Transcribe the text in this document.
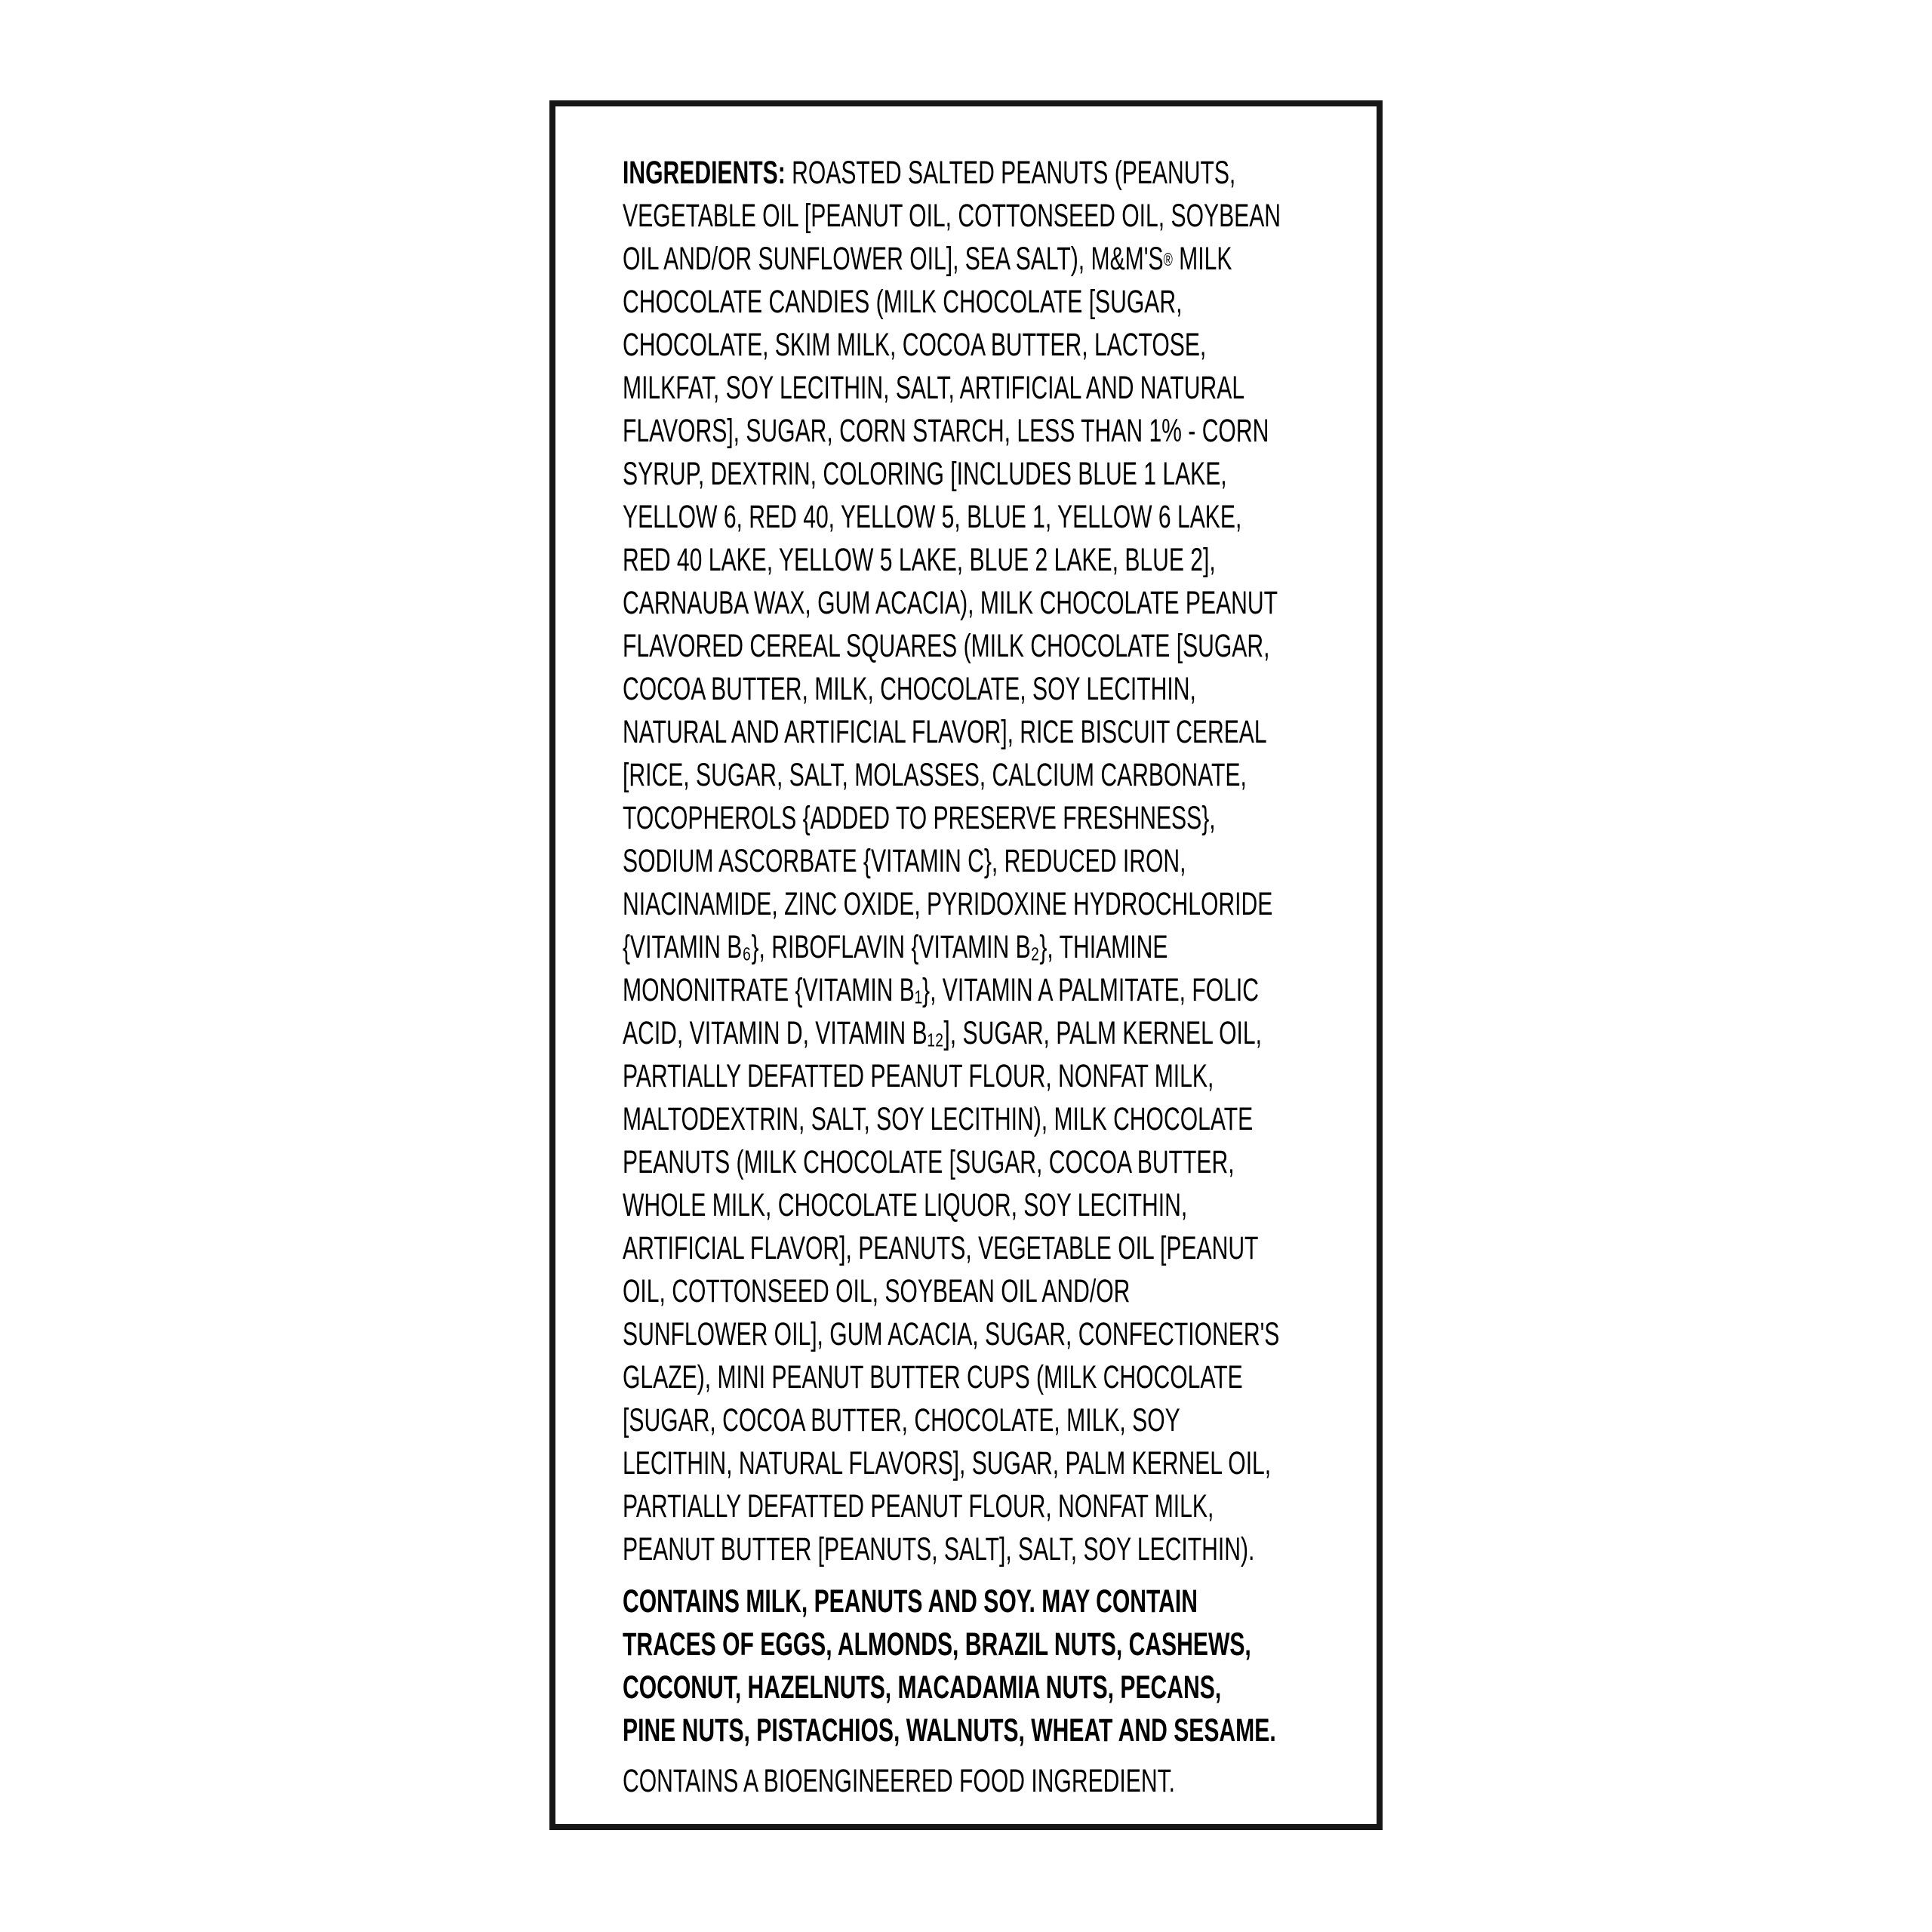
INGREDIENTS: ROASTED SALTED PEANUTS (PEANUTS,
VEGETABLE OIL [PEANUT OIL, COTTONSEED OIL, SOYBEAN
OIL AND/OR SUNFLOWER OIL], SEA SALT), M&M'S® MILK
CHOCOLATE CANDIES (MILK CHOCOLATE [SUGAR,
CHOCOLATE, SKIM MILK, COCOA BUTTER, LACTOSE,
MILKFAT, SOY LECITHIN, SALT, ARTIFICIAL AND NATURAL
FLAVORS], SUGAR, CORN STARCH, LESS THAN 1% - CORN
SYRUP, DEXTRIN, COLORING [INCLUDES BLUE 1 LAKE,
YELLOW 6, RED 40, YELLOW 5, BLUE 1, YELLOW 6 LAKE,
RED 40 LAKE, YELLOW 5 LAKE, BLUE 2 LAKE, BLUE 2],
CARNAUBA WAX, GUM ACACIA), MILK CHOCOLATE PEANUT
FLAVORED CEREAL SQUARES (MILK CHOCOLATE [SUGAR,
COCOA BUTTER, MILK, CHOCOLATE, SOY LECITHIN,
NATURAL AND ARTIFICIAL FLAVOR], RICE BISCUIT CEREAL
[RICE, SUGAR, SALT, MOLASSES, CALCIUM CARBONATE,
TOCOPHEROLS {ADDED TO PRESERVE FRESHNESS},
SODIUM ASCORBATE {VITAMIN C}, REDUCED IRON,
NIACINAMIDE, ZINC OXIDE, PYRIDOXINE HYDROCHLORIDE
{VITAMIN B₆}, RIBOFLAVIN {VITAMIN B₂}, THIAMINE
MONONITRATE {VITAMIN B₁}, VITAMIN A PALMITATE, FOLIC
ACID, VITAMIN D, VITAMIN B₁₂], SUGAR, PALM KERNEL OIL,
PARTIALLY DEFATTED PEANUT FLOUR, NONFAT MILK,
MALTODEXTRIN, SALT, SOY LECITHIN), MILK CHOCOLATE
PEANUTS (MILK CHOCOLATE [SUGAR, COCOA BUTTER,
WHOLE MILK, CHOCOLATE LIQUOR, SOY LECITHIN,
ARTIFICIAL FLAVOR], PEANUTS, VEGETABLE OIL [PEANUT
OIL, COTTONSEED OIL, SOYBEAN OIL AND/OR
SUNFLOWER OIL], GUM ACACIA, SUGAR, CONFECTIONER'S
GLAZE), MINI PEANUT BUTTER CUPS (MILK CHOCOLATE
[SUGAR, COCOA BUTTER, CHOCOLATE, MILK, SOY
LECITHIN, NATURAL FLAVORS], SUGAR, PALM KERNEL OIL,
PARTIALLY DEFATTED PEANUT FLOUR, NONFAT MILK,
PEANUT BUTTER [PEANUTS, SALT], SALT, SOY LECITHIN).
CONTAINS MILK, PEANUTS AND SOY. MAY CONTAIN
TRACES OF EGGS, ALMONDS, BRAZIL NUTS, CASHEWS,
COCONUT, HAZELNUTS, MACADAMIA NUTS, PECANS,
PINE NUTS, PISTACHIOS, WALNUTS, WHEAT AND SESAME.
CONTAINS A BIOENGINEERED FOOD INGREDIENT.
